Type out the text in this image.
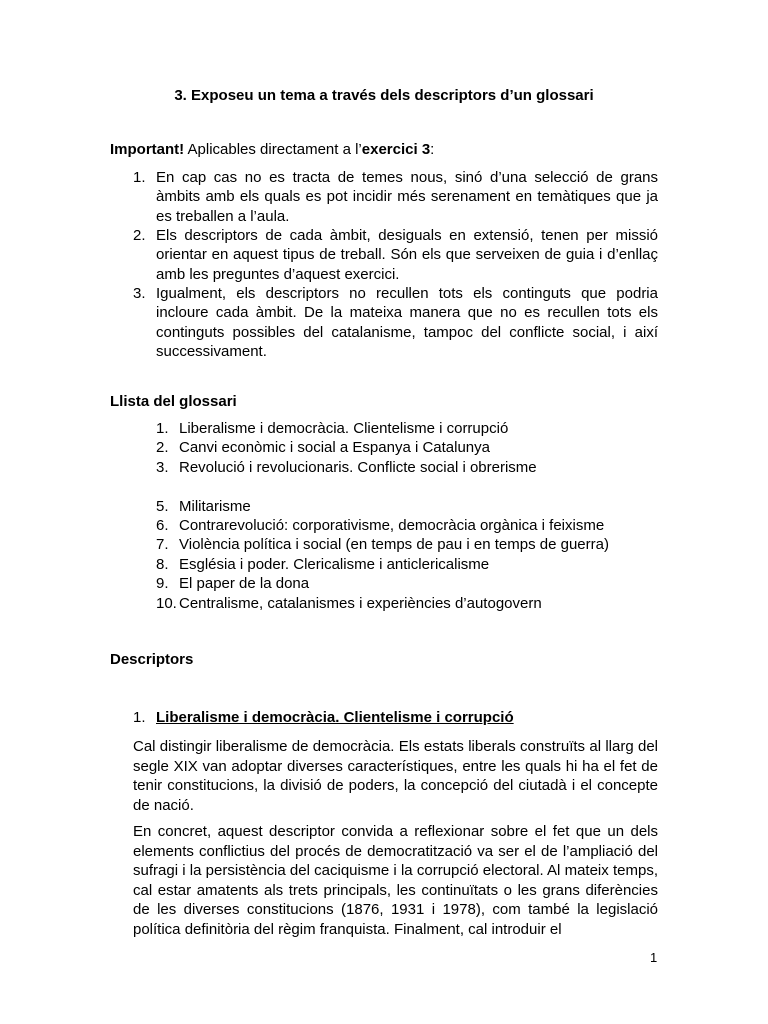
3. Exposeu un tema a través dels descriptors d’un glossari
Important! Aplicables directament a l’exercici 3:
1. En cap cas no es tracta de temes nous, sinó d’una selecció de grans àmbits amb els quals es pot incidir més serenament en temàtiques que ja es treballen a l’aula.
2. Els descriptors de cada àmbit, desiguals en extensió, tenen per missió orientar en aquest tipus de treball. Són els que serveixen de guia i d’enllaç amb les preguntes d’aquest exercici.
3. Igualment, els descriptors no recullen tots els continguts que podria incloure cada àmbit. De la mateixa manera que no es recullen tots els continguts possibles del catalanisme, tampoc del conflicte social, i així successivament.
Llista del glossari
1. Liberalisme i democràcia. Clientelisme i corrupció
2. Canvi econòmic i social a Espanya i Catalunya
3. Revolució i revolucionaris. Conflicte social i obrerisme
5. Militarisme
6. Contrarevolució: corporativisme, democràcia orgànica i feixisme
7. Violència política i social (en temps de pau i en temps de guerra)
8. Església i poder. Clericalisme i anticlericalisme
9. El paper de la dona
10. Centralisme, catalanismes i experiències d’autogovern
Descriptors
1. Liberalisme i democràcia. Clientelisme i corrupció
Cal distingir liberalisme de democràcia. Els estats liberals construïts al llarg del segle XIX van adoptar diverses característiques, entre les quals hi ha el fet de tenir constitucions, la divisió de poders, la concepció del ciutadà i el concepte de nació.
En concret, aquest descriptor convida a reflexionar sobre el fet que un dels elements conflictius del procés de democratització va ser el de l’ampliació del sufragi i la persistència del caciquisme i la corrupció electoral. Al mateix temps, cal estar amatents als trets principals, les continuïtats o les grans diferències de les diverses constitucions (1876, 1931 i 1978), com també la legislació política definitòria del règim franquista. Finalment, cal introduir el
1
